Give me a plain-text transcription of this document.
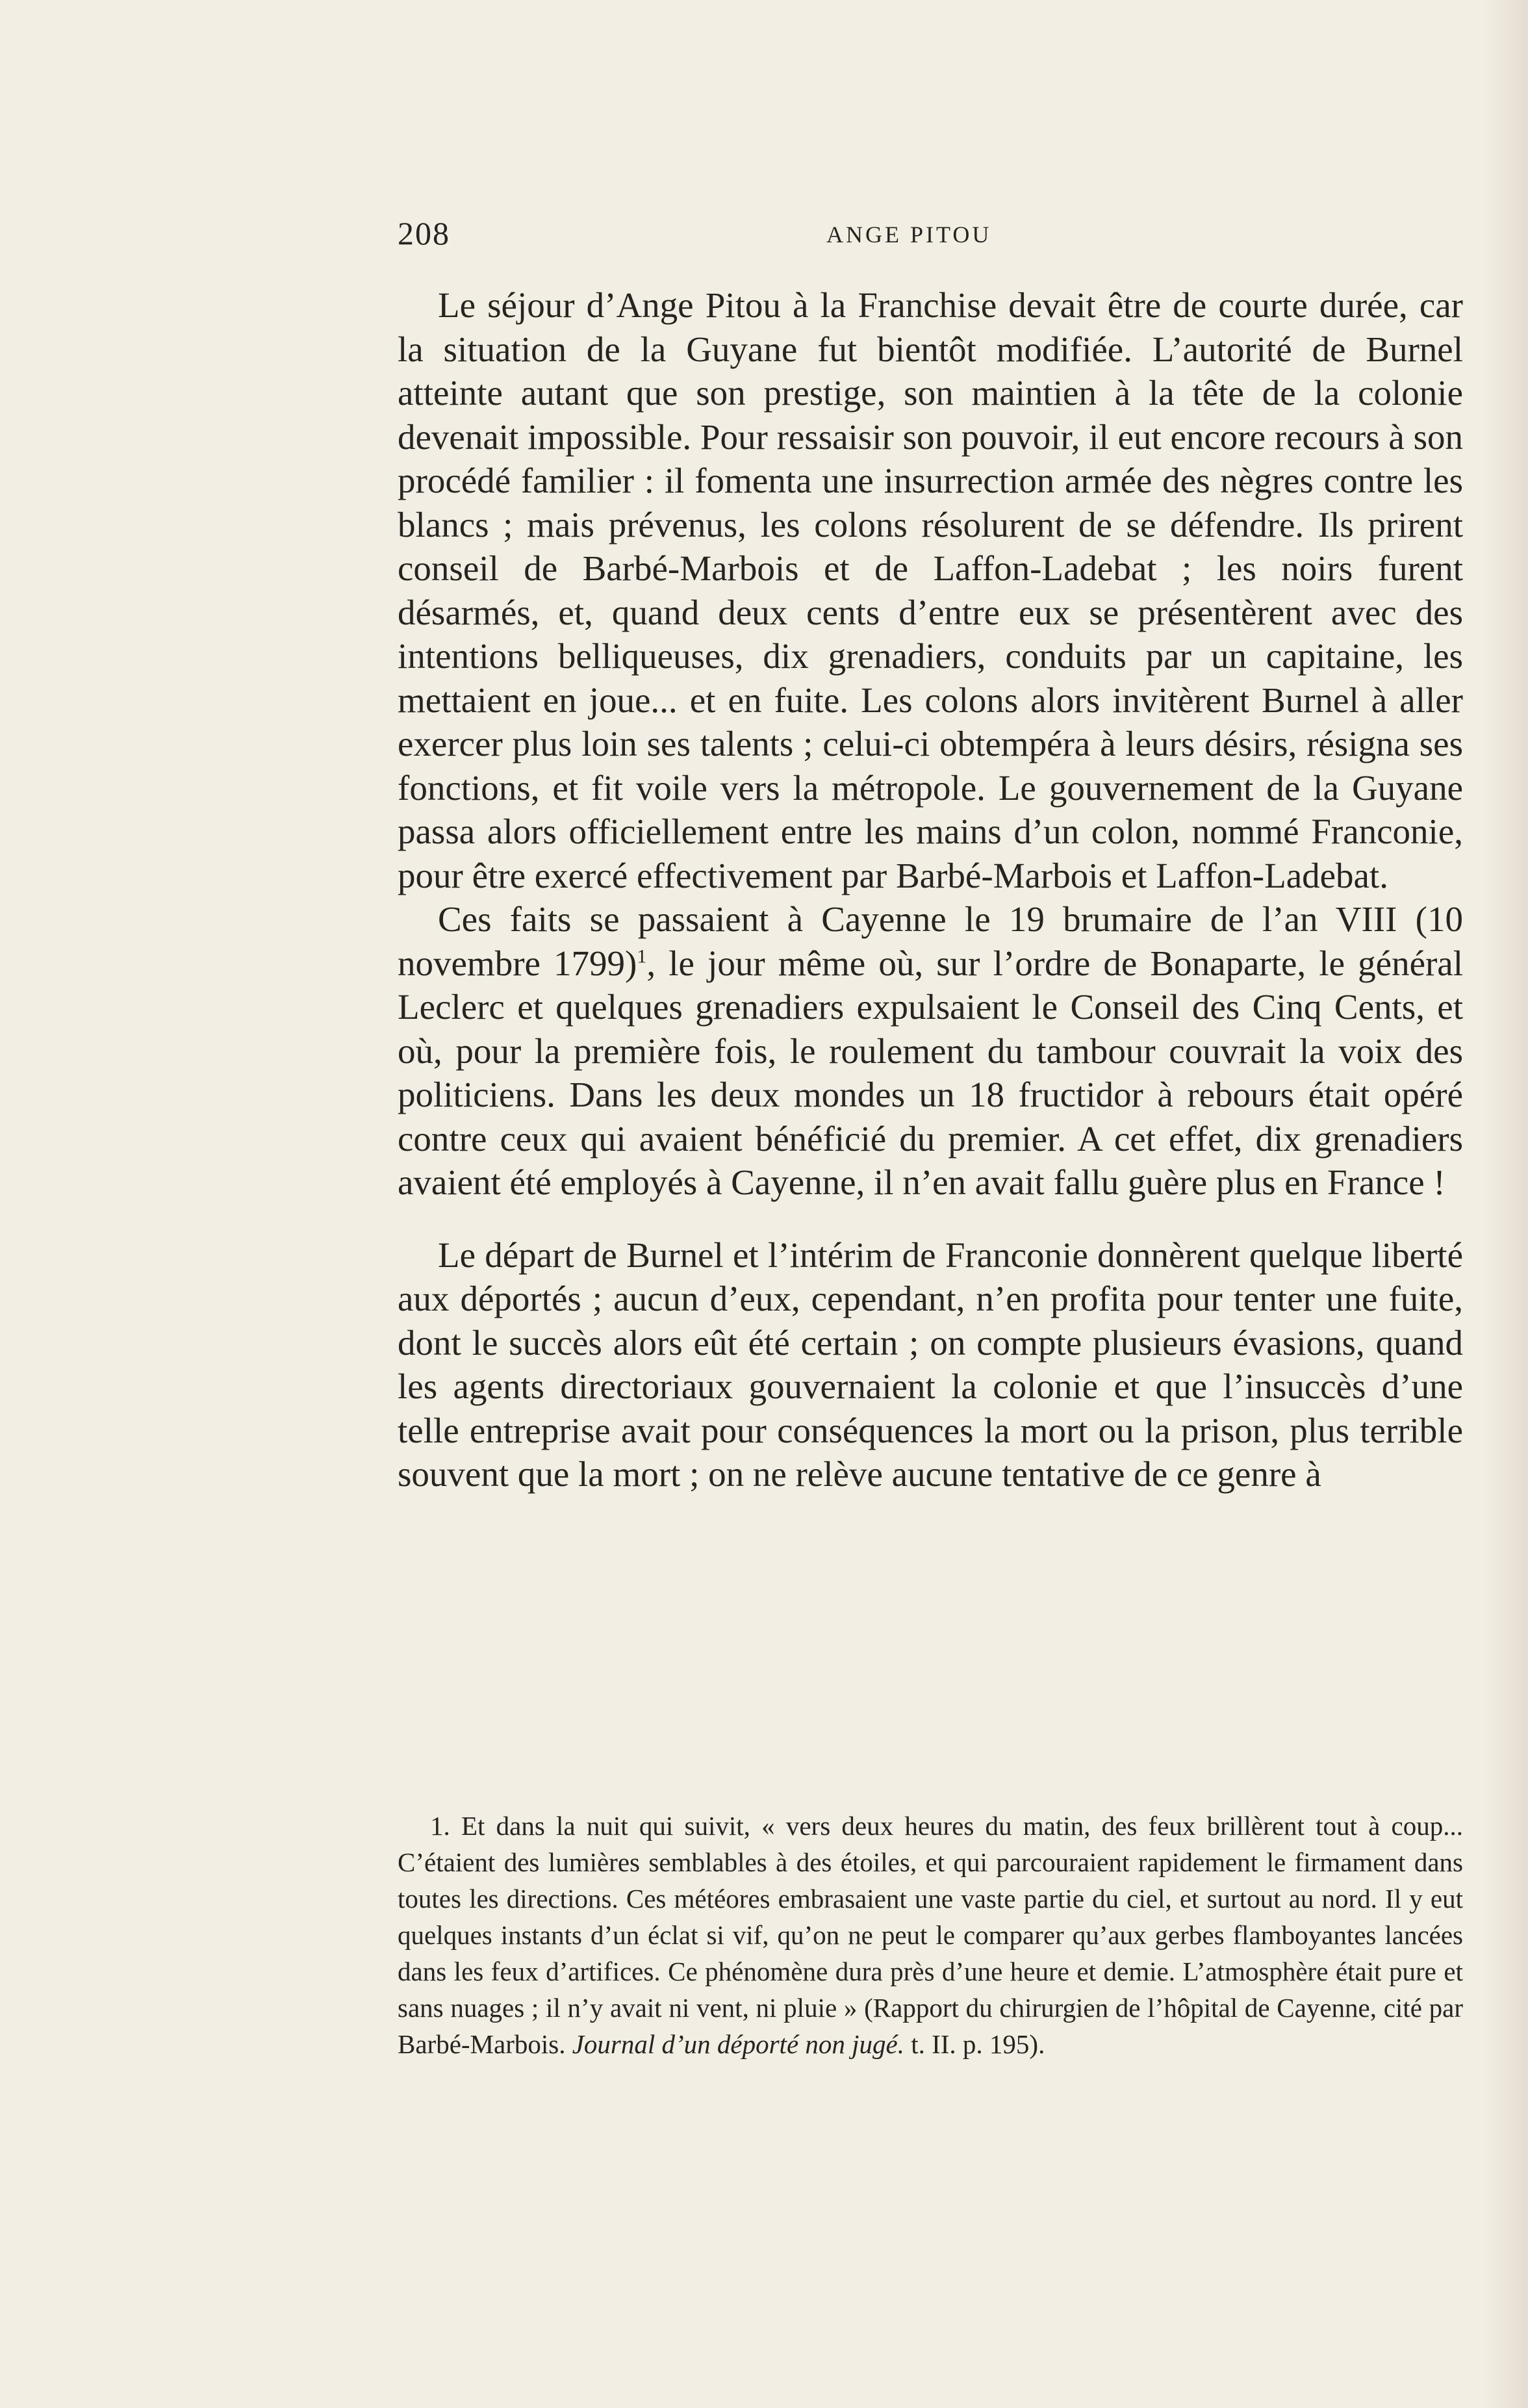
208	ANGE PITOU

Le séjour d’Ange Pitou à la Franchise devait être de courte durée, car la situation de la Guyane fut bientôt modifiée. L’autorité de Burnel atteinte autant que son prestige, son maintien à la tête de la colonie devenait impossible. Pour ressaisir son pouvoir, il eut encore recours à son procédé familier : il fomenta une insurrection armée des nègres contre les blancs ; mais prévenus, les colons résolurent de se défendre. Ils prirent conseil de Barbé-Marbois et de Laffon-Ladebat ; les noirs furent désarmés, et, quand deux cents d’entre eux se présentèrent avec des intentions belliqueuses, dix grenadiers, conduits par un capitaine, les mettaient en joue... et en fuite. Les colons alors invitèrent Burnel à aller exercer plus loin ses talents ; celui-ci obtempéra à leurs désirs, résigna ses fonctions, et fit voile vers la métropole. Le gouvernement de la Guyane passa alors officiellement entre les mains d’un colon, nommé Franconie, pour être exercé effectivement par Barbé-Marbois et Laffon-Ladebat.

Ces faits se passaient à Cayenne le 19 brumaire de l’an VIII (10 novembre 1799)$^1$, le jour même où, sur l’ordre de Bonaparte, le général Leclerc et quelques grenadiers expulsaient le Conseil des Cinq Cents, et où, pour la première fois, le roulement du tambour couvrait la voix des politiciens. Dans les deux mondes un 18 fructidor à rebours était opéré contre ceux qui avaient bénéficié du premier. A cet effet, dix grenadiers avaient été employés à Cayenne, il n’en avait fallu guère plus en France !

Le départ de Burnel et l’intérim de Franconie donnèrent quelque liberté aux déportés ; aucun d’eux, cependant, n’en profita pour tenter une fuite, dont le succès alors eût été certain ; on compte plusieurs évasions, quand les agents directoriaux gouvernaient la colonie et que l’insuccès d’une telle entreprise avait pour conséquences la mort ou la prison, plus terrible souvent que la mort ; on ne relève aucune tentative de ce genre à

1. Et dans la nuit qui suivit, « vers deux heures du matin, des feux brillèrent tout à coup... C’étaient des lumières semblables à des étoiles, et qui parcouraient rapidement le firmament dans toutes les directions. Ces météores embrasaient une vaste partie du ciel, et surtout au nord. Il y eut quelques instants d’un éclat si vif, qu’on ne peut le comparer qu’aux gerbes flamboyantes lancées dans les feux d’artifices. Ce phénomène dura près d’une heure et demie. L’atmosphère était pure et sans nuages ; il n’y avait ni vent, ni pluie » (Rapport du chirurgien de l’hôpital de Cayenne, cité par Barbé-Marbois. Journal d’un déporté non jugé. t. II. p. 195).
